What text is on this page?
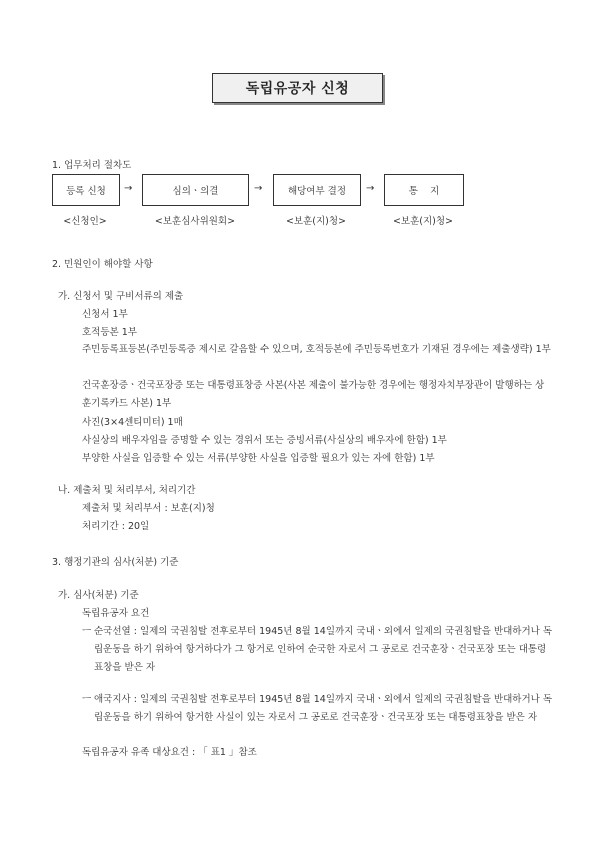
독립유공자 신청
1. 업무처리 절차도
등록 신청	→	심의ㆍ의결	→	해당여부 결정	→	통    지
<신청인>	<보훈심사위원회>	<보훈(지)청>	<보훈(지)청>
2. 민원인이 해야할 사항
가. 신청서 및 구비서류의 제출
신청서 1부
호적등본 1부
주민등록표등본(주민등록증 제시로 갈음할 수 있으며, 호적등본에 주민등록번호가 기재된 경우에는 제출생략) 1부
건국훈장증ㆍ건국포장증 또는 대통령표창증 사본(사본 제출이 불가능한 경우에는 행정자치부장관이 발행하는 상훈기록카드 사본) 1부
사진(3×4센티미터) 1매
사실상의 배우자임을 증명할 수 있는 경위서 또는 증빙서류(사실상의 배우자에 한함) 1부
부양한 사실을 입증할 수 있는 서류(부양한 사실을 입증할 필요가 있는 자에 한함) 1부
나. 제출처 및 처리부서, 처리기간
제출처 및 처리부서 : 보훈(지)청
처리기간 : 20일
3. 행정기관의 심사(처분) 기준
가. 심사(처분) 기준
독립유공자 요건
ㅡ 순국선열 : 일제의 국권침탈 전후로부터 1945년 8월 14일까지 국내ㆍ외에서 일제의 국권침탈을 반대하거나 독립운동을 하기 위하여 항거하다가 그 항거로 인하여 순국한 자로서 그 공로로 건국훈장ㆍ건국포장 또는 대통령표창을 받은 자
ㅡ 애국지사 : 일제의 국권침탈 전후로부터 1945년 8월 14일까지 국내ㆍ외에서 일제의 국권침탈을 반대하거나 독립운동을 하기 위하여 항거한 사실이 있는 자로서 그 공로로 건국훈장ㆍ건국포장 또는 대통령표창을 받은 자
독립유공자 유족 대상요건 : 「 표1 」참조
